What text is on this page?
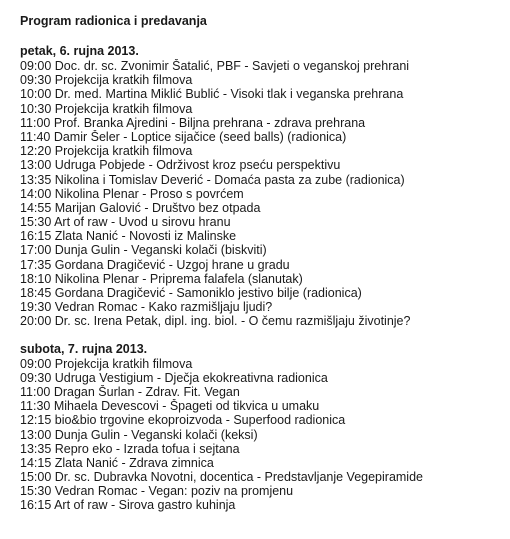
Program radionica i predavanja
petak, 6. rujna 2013.
09:00 Doc. dr. sc. Zvonimir Šatalić, PBF - Savjeti o veganskoj prehrani
09:30 Projekcija kratkih filmova
10:00 Dr. med. Martina Miklić Bublić - Visoki tlak i veganska prehrana
10:30 Projekcija kratkih filmova
11:00 Prof. Branka Ajredini - Biljna prehrana - zdrava prehrana
11:40 Damir Šeler - Loptice sijačice (seed balls) (radionica)
12:20 Projekcija kratkih filmova
13:00 Udruga Pobjede - Održivost kroz pseću perspektivu
13:35 Nikolina i Tomislav Deverić - Domaća pasta za zube (radionica)
14:00 Nikolina Plenar - Proso s povrćem
14:55 Marijan Galović - Društvo bez otpada
15:30 Art of raw - Uvod u sirovu hranu
16:15 Zlata Nanić - Novosti iz Malinske
17:00 Dunja Gulin - Veganski kolači (biskviti)
17:35 Gordana Dragičević - Uzgoj hrane u gradu
18:10 Nikolina Plenar - Priprema falafela (slanutak)
18:45 Gordana Dragičević - Samoniklo jestivo bilje (radionica)
19:30 Vedran Romac - Kako razmišljaju ljudi?
20:00 Dr. sc. Irena Petak, dipl. ing. biol. - O čemu razmišljaju životinje?
subota, 7. rujna 2013.
09:00 Projekcija kratkih filmova
09:30 Udruga Vestigium - Dječja ekokreativna radionica
11:00 Dragan Šurlan - Zdrav. Fit. Vegan
11:30 Mihaela Devescovi - Špageti od tikvica u umaku
12:15 bio&bio trgovine ekoproizvoda - Superfood radionica
13:00 Dunja Gulin - Veganski kolači (keksi)
13:35 Repro eko - Izrada tofua i sejtana
14:15 Zlata Nanić - Zdrava zimnica
15:00 Dr. sc. Dubravka Novotni, docentica - Predstavljanje Vegepiramide
15:30 Vedran Romac - Vegan: poziv na promjenu
16:15 Art of raw - Sirova gastro kuhinja
